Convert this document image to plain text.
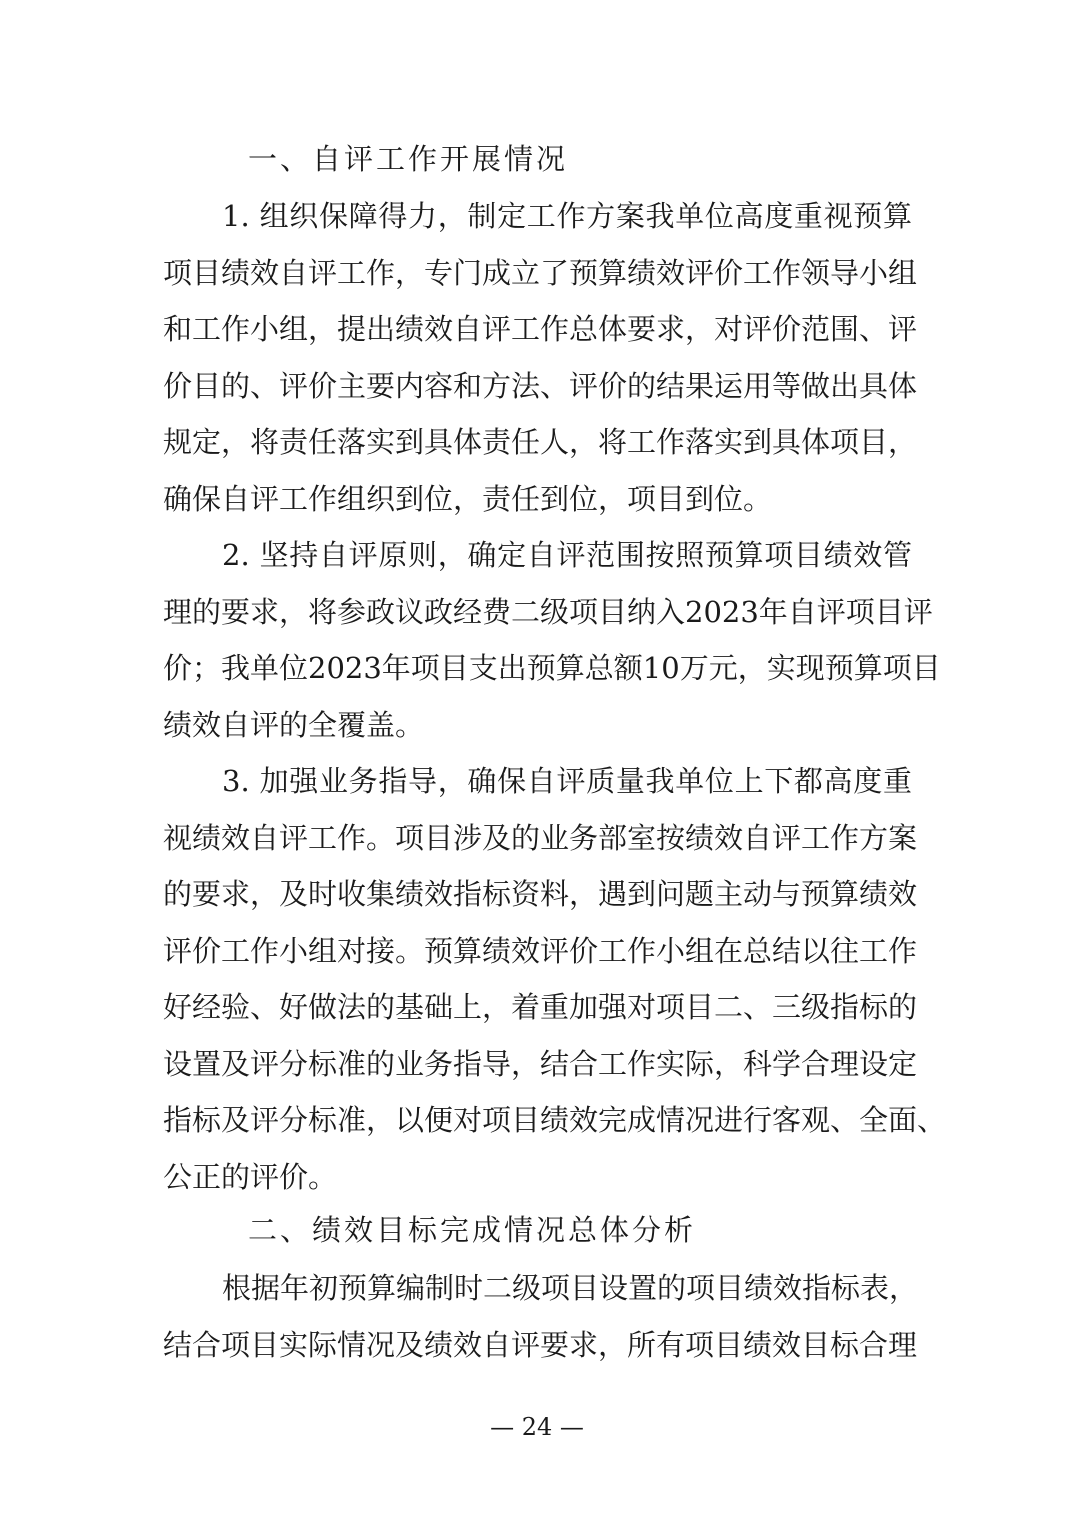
一、自评工作开展情况
1. 组织保障得力，制定工作方案我单位高度重视预算
项目绩效自评工作，专门成立了预算绩效评价工作领导小组
和工作小组，提出绩效自评工作总体要求，对评价范围、评
价目的、评价主要内容和方法、评价的结果运用等做出具体
规定，将责任落实到具体责任人，将工作落实到具体项目，
确保自评工作组织到位，责任到位，项目到位。
2. 坚持自评原则，确定自评范围按照预算项目绩效管
理的要求，将参政议政经费二级项目纳入2023年自评项目评
价；我单位2023年项目支出预算总额10万元，实现预算项目
绩效自评的全覆盖。
3. 加强业务指导，确保自评质量我单位上下都高度重
视绩效自评工作。项目涉及的业务部室按绩效自评工作方案
的要求，及时收集绩效指标资料，遇到问题主动与预算绩效
评价工作小组对接。预算绩效评价工作小组在总结以往工作
好经验、好做法的基础上，着重加强对项目二、三级指标的
设置及评分标准的业务指导，结合工作实际，科学合理设定
指标及评分标准，以便对项目绩效完成情况进行客观、全面、
公正的评价。
二、绩效目标完成情况总体分析
根据年初预算编制时二级项目设置的项目绩效指标表，
结合项目实际情况及绩效自评要求，所有项目绩效目标合理
— 24 —
